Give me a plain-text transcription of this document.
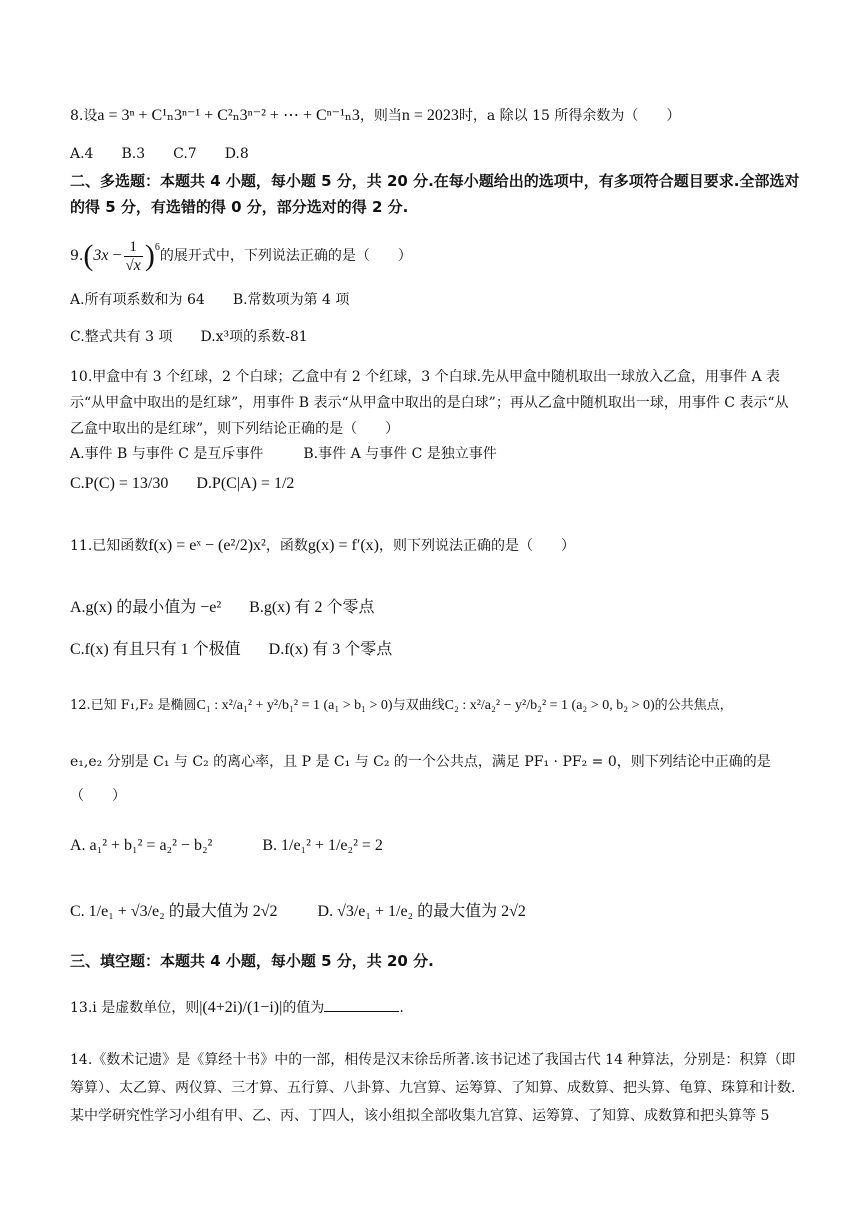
8.设a = 3ⁿ + C¹ₙ3ⁿ⁻¹ + C²ₙ3ⁿ⁻² + ⋯ + Cⁿ⁻¹ₙ3，则当n = 2023时，a 除以 15 所得余数为（　　）
A.4 B.3 C.7 D.8
二、多选题：本题共 4 小题，每小题 5 分，共 20 分.在每小题给出的选项中，有多项符合题目要求.全部选对的得 5 分，有选错的得 0 分，部分选对的得 2 分.
9. ( $3x - \frac{1}{√x} )^6$
的展开式中，下列说法正确的是（　　）
A.所有项系数和为 64 B.常数项为第 4 项
C.整式共有 3 项 D.x³项的系数-81
10.甲盒中有 3 个红球，2 个白球；乙盒中有 2 个红球，3 个白球.先从甲盒中随机取出一球放入乙盒，用事件 A 表示“从甲盒中取出的是红球”，用事件 B 表示“从甲盒中取出的是白球”；再从乙盒中随机取出一球，用事件 C 表示“从乙盒中取出的是红球”，则下列结论正确的是（　　）
A.事件 B 与事件 C 是互斥事件	B.事件 A 与事件 C 是独立事件
C.P(C) = 13/30 D.P(C|A) = 1/2
11.已知函数f(x) = eˣ − (e²/2)x²，函数g(x) = f′(x)，则下列说法正确的是（　　）
A.g(x) 的最小值为 −e² B.g(x) 有 2 个零点
C.f(x) 有且只有 1 个极值 D.f(x) 有 3 个零点
12.已知 F₁,F₂ 是椭圆C₁ : x²/a₁² + y²/b₁² = 1 (a₁ > b₁ > 0)与双曲线C₂ : x²/a₂² − y²/b₂² = 1 (a₂ > 0, b₂ > 0)的公共焦点，
e₁,e₂ 分别是 C₁ 与 C₂ 的离心率，且 P 是 C₁ 与 C₂ 的一个公共点，满足 PF₁ · PF₂ = 0，则下列结论中正确的是
（　　）
A. a₁² + b₁² = a₂² − b₂²	B. 1/e₁² + 1/e₂² = 2
C. 1/e₁ + √3/e₂ 的最大值为 2√2	D. √3/e₁ + 1/e₂ 的最大值为 2√2
三、填空题：本题共 4 小题，每小题 5 分，共 20 分.
13.i 是虚数单位，则|(4+2i)/(1−i)|的值为	.
14.《数术记遗》是《算经十书》中的一部，相传是汉末徐岳所著.该书记述了我国古代 14 种算法，分别是：积算（即筹算）、太乙算、两仪算、三才算、五行算、八卦算、九宫算、运筹算、了知算、成数算、把头算、龟算、珠算和计数.某中学研究性学习小组有甲、乙、丙、丁四人，该小组拟全部收集九宫算、运筹算、了知算、成数算和把头算等 5
